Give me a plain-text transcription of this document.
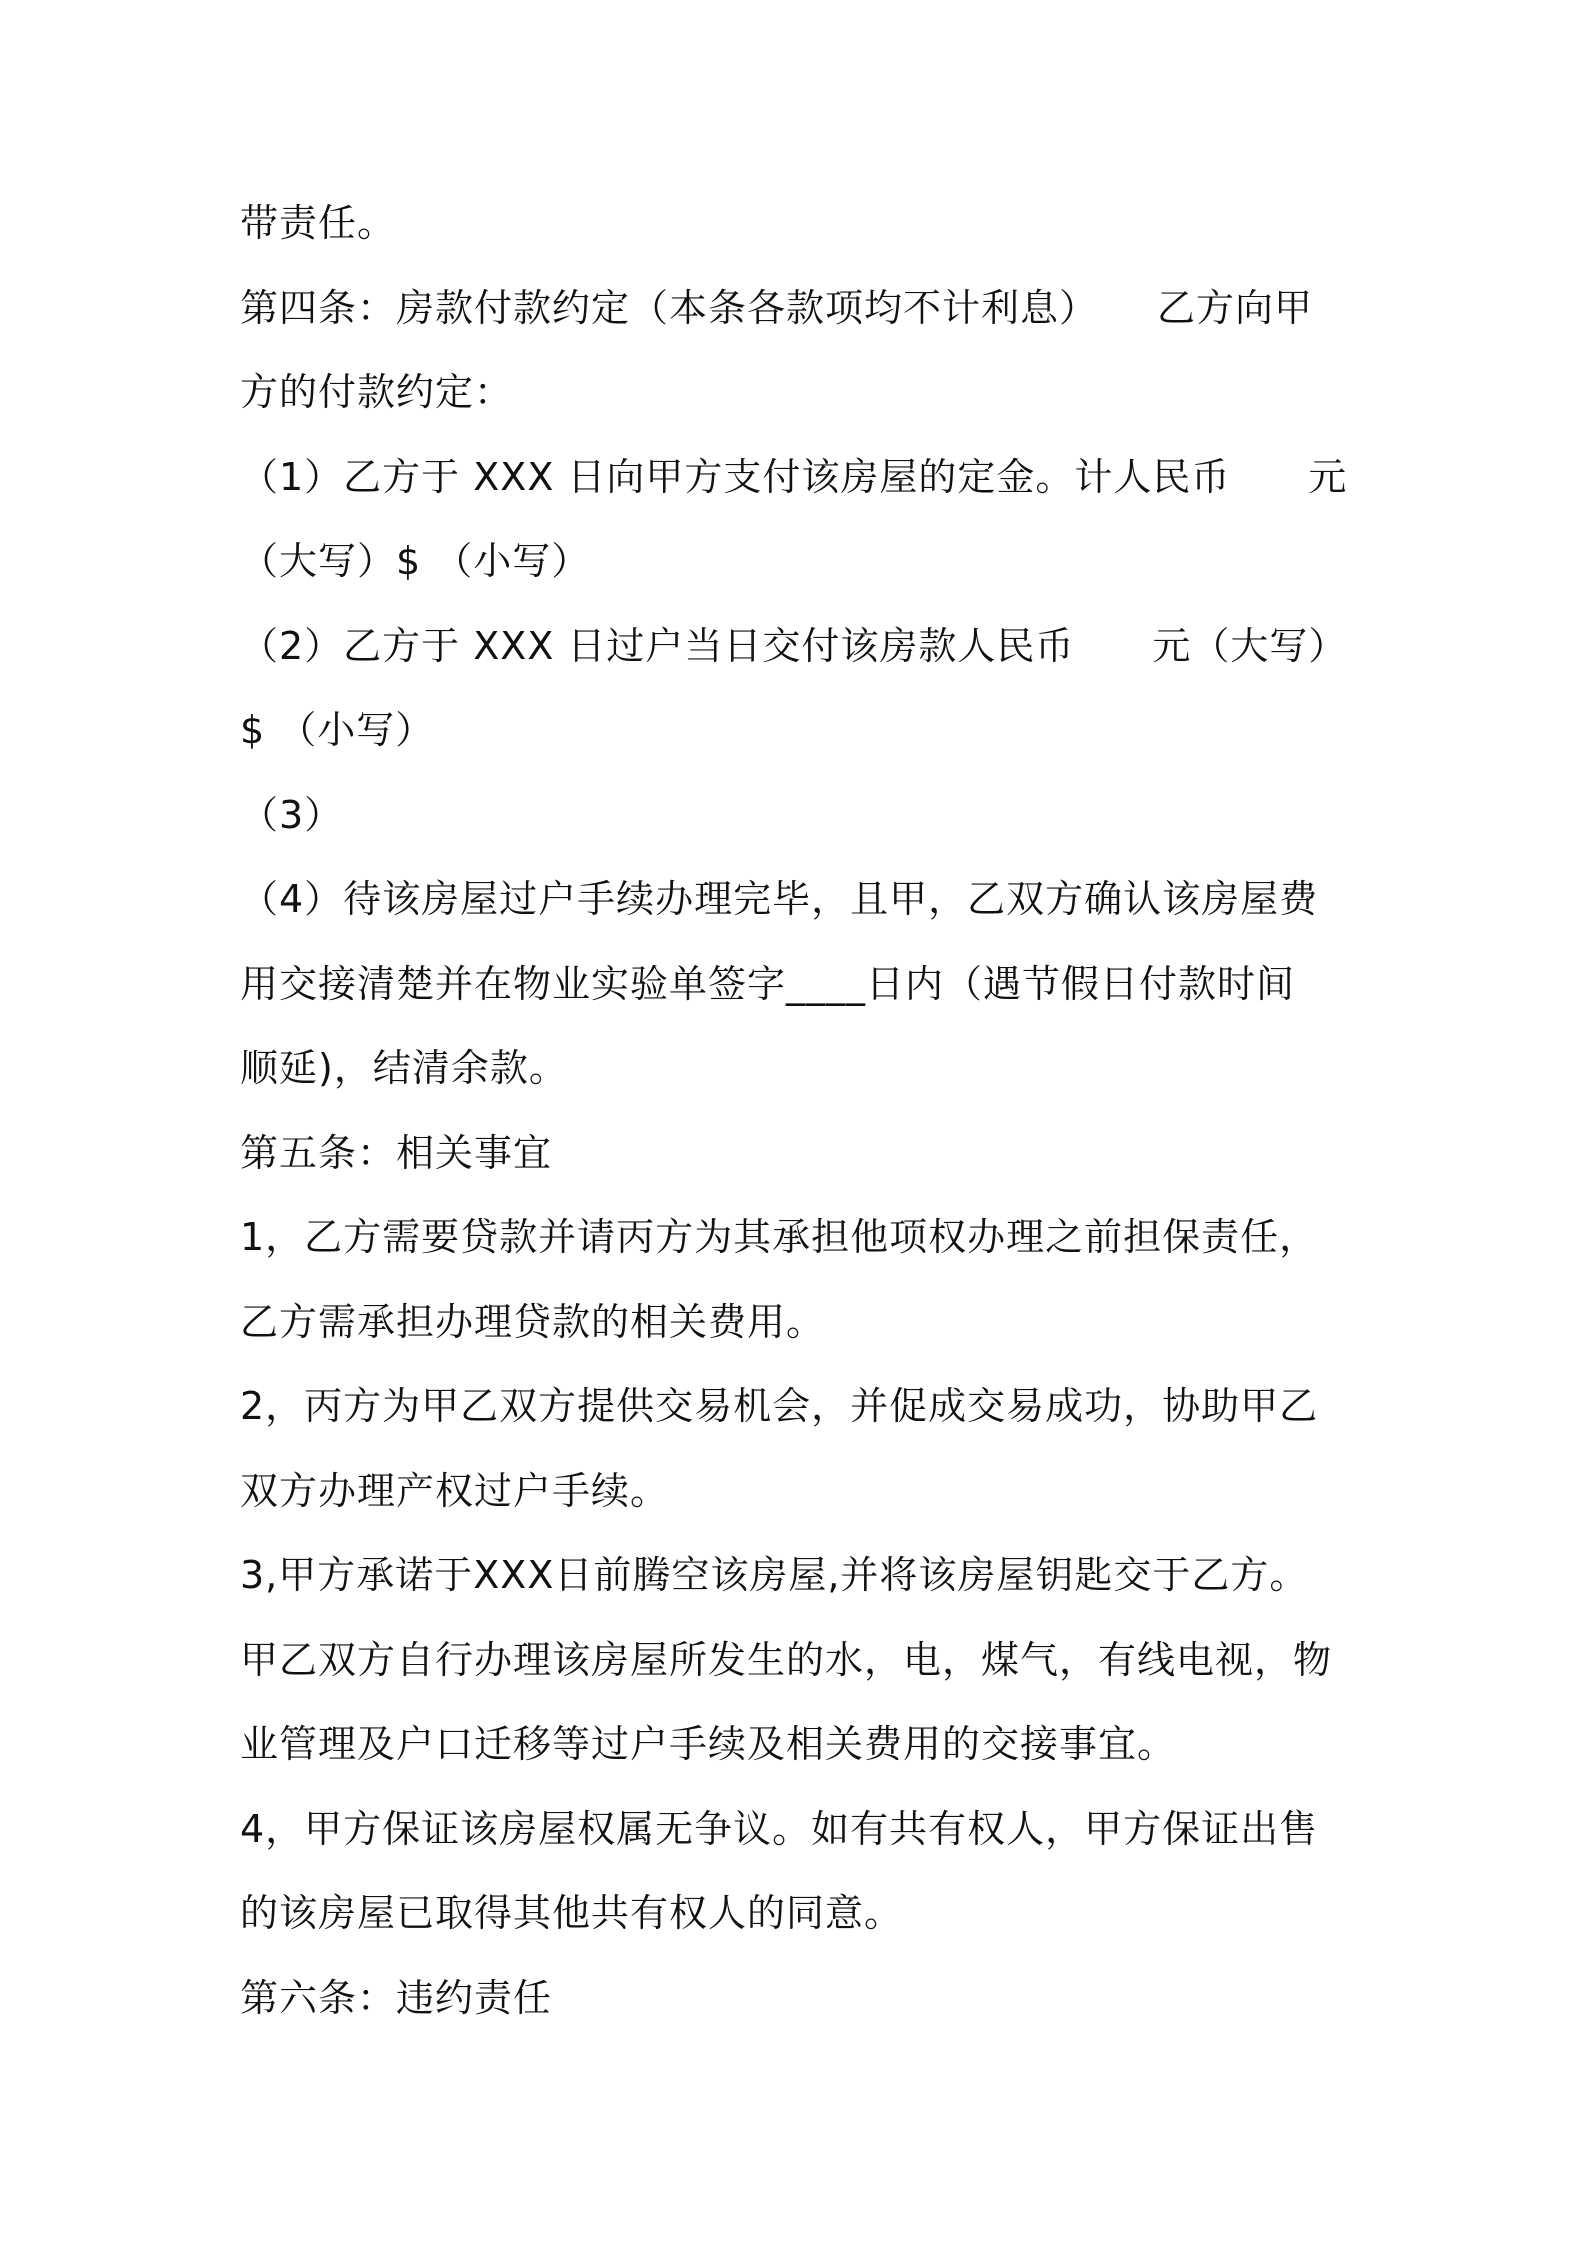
带责任。
第四条：房款付款约定（本条各款项均不计利息）　　乙方向甲
方的付款约定：
（1）乙方于 XXX 日向甲方支付该房屋的定金。计人民币　　元
（大写）$ （小写）
（2）乙方于 XXX 日过户当日交付该房款人民币　　元（大写）
$ （小写）
（3）
（4）待该房屋过户手续办理完毕，且甲，乙双方确认该房屋费
用交接清楚并在物业实验单签字____日内（遇节假日付款时间
顺延)，结清余款。
第五条：相关事宜
1，乙方需要贷款并请丙方为其承担他项权办理之前担保责任，
乙方需承担办理贷款的相关费用。
2，丙方为甲乙双方提供交易机会，并促成交易成功，协助甲乙
双方办理产权过户手续。
3,甲方承诺于XXX日前腾空该房屋,并将该房屋钥匙交于乙方。
甲乙双方自行办理该房屋所发生的水，电，煤气，有线电视，物
业管理及户口迁移等过户手续及相关费用的交接事宜。
4，甲方保证该房屋权属无争议。如有共有权人，甲方保证出售
的该房屋已取得其他共有权人的同意。
第六条：违约责任
